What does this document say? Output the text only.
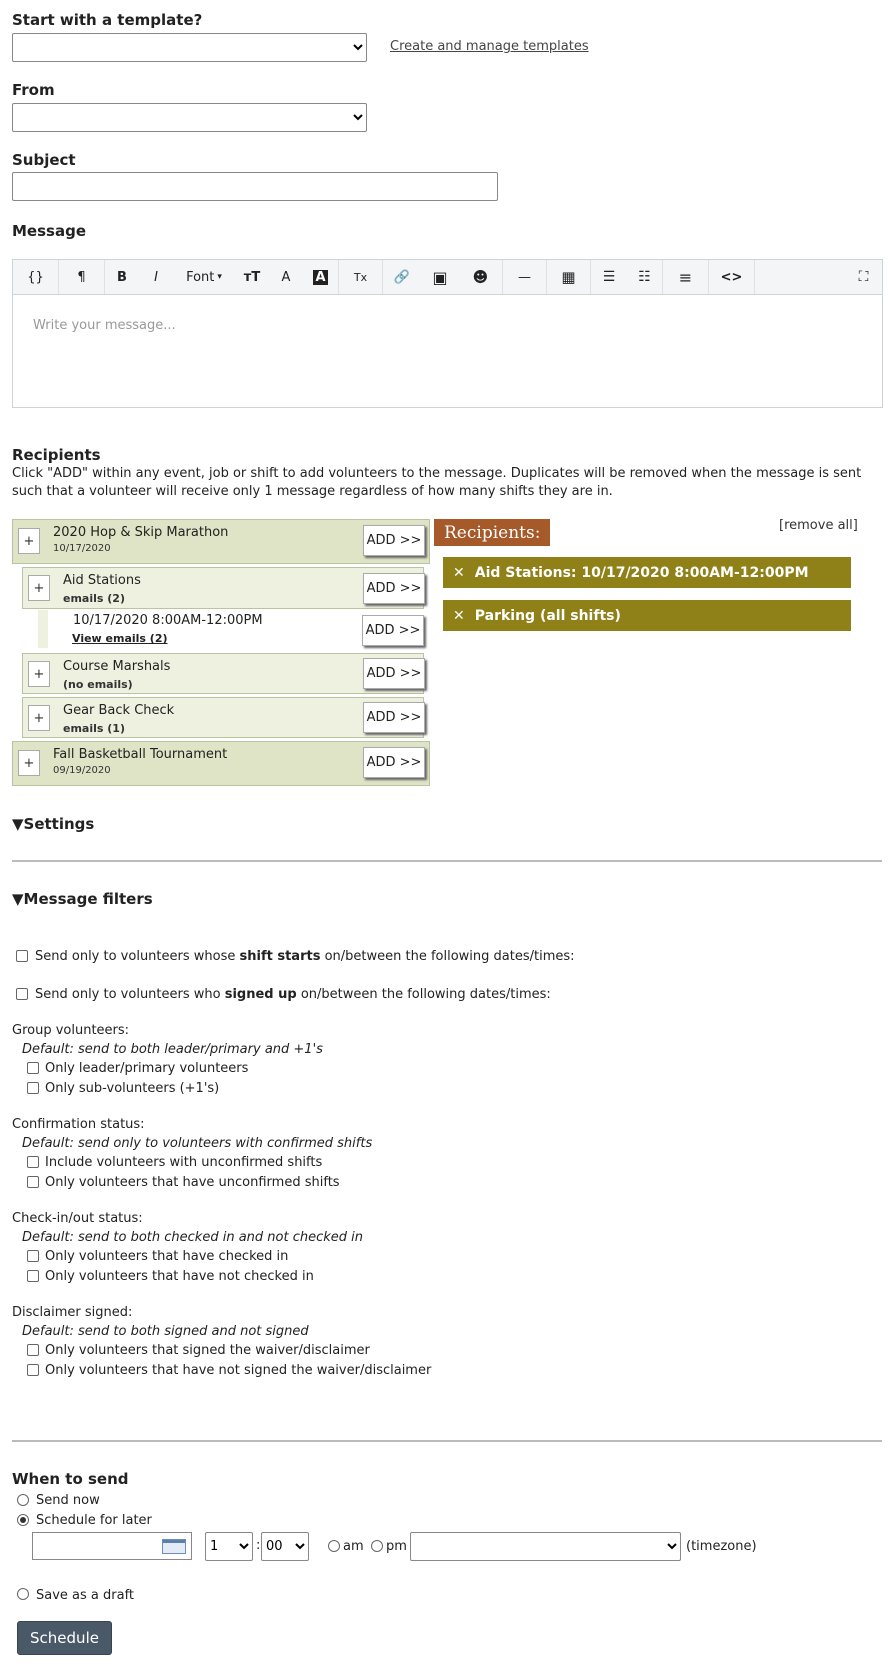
Start with a template?
Create and manage templates
From
Subject
Message
{}	¶	B	I	Font ▾	тT	A	A	Tx	🔗	▣	☻	—	▦	☰	☷	≡	<>	⛶
Write your message...
Recipients
Click "ADD" within any event, job or shift to add volunteers to the message. Duplicates will be removed when the message is sent such that a volunteer will receive only 1 message regardless of how many shifts they are in.
+
2020 Hop & Skip Marathon
10/17/2020
ADD >>
+	Aid Stations
emails (2)
ADD >>
10/17/2020 8:00AM-12:00PM
View emails (2)
ADD >>
+	Course Marshals
(no emails)
ADD >>
+	Gear Back Check
emails (1)
ADD >>
+
Fall Basketball Tournament
09/19/2020
ADD >>
Recipients:	[remove all]
✕ Aid Stations: 10/17/2020 8:00AM-12:00PM
✕ Parking (all shifts)
▼Settings
▼Message filters
Send only to volunteers whose shift starts on/between the following dates/times:
Send only to volunteers who signed up on/between the following dates/times:
Group volunteers:
Default: send to both leader/primary and +1's
Only leader/primary volunteers
Only sub-volunteers (+1's)
Confirmation status:
Default: send only to volunteers with confirmed shifts
Include volunteers with unconfirmed shifts
Only volunteers that have unconfirmed shifts
Check-in/out status:
Default: send to both checked in and not checked in
Only volunteers that have checked in
Only volunteers that have not checked in
Disclaimer signed:
Default: send to both signed and not signed
Only volunteers that signed the waiver/disclaimer
Only volunteers that have not signed the waiver/disclaimer
When to send
Send now
Schedule for later
1
:
00	am pm	(timezone)
Save as a draft
Schedule
